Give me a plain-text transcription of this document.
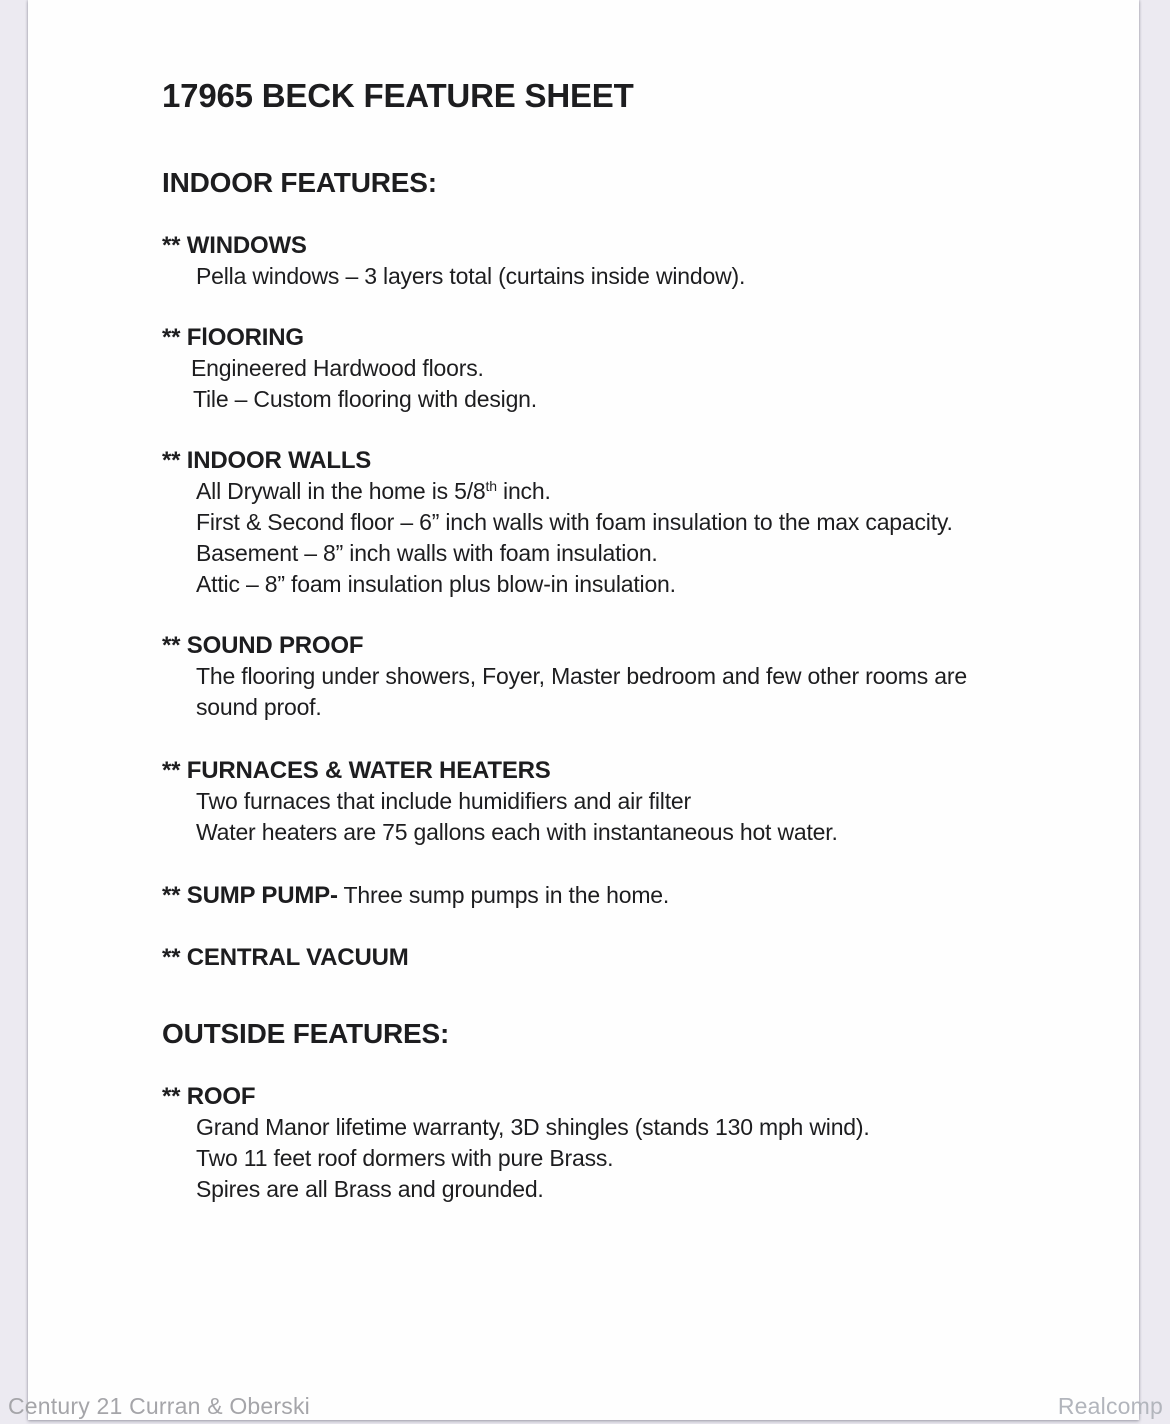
17965 BECK FEATURE SHEET
INDOOR FEATURES:
** WINDOWS
Pella windows – 3 layers total (curtains inside window).
** FlOORING
Engineered Hardwood floors.
Tile – Custom flooring with design.
** INDOOR WALLS
All Drywall in the home is 5/8th inch.
First & Second floor – 6” inch walls with foam insulation to the max capacity.
Basement – 8” inch walls with foam insulation.
Attic – 8” foam insulation plus blow-in insulation.
** SOUND PROOF
The flooring under showers, Foyer, Master bedroom and few other rooms are
sound proof.
** FURNACES & WATER HEATERS
Two furnaces that include humidifiers and air filter
Water heaters are 75 gallons each with instantaneous hot water.
** SUMP PUMP- Three sump pumps in the home.
** CENTRAL VACUUM
OUTSIDE FEATURES:
** ROOF
Grand Manor lifetime warranty, 3D shingles (stands 130 mph wind).
Two 11 feet roof dormers with pure Brass.
Spires are all Brass and grounded.
Century 21 Curran & Oberski	Realcomp
